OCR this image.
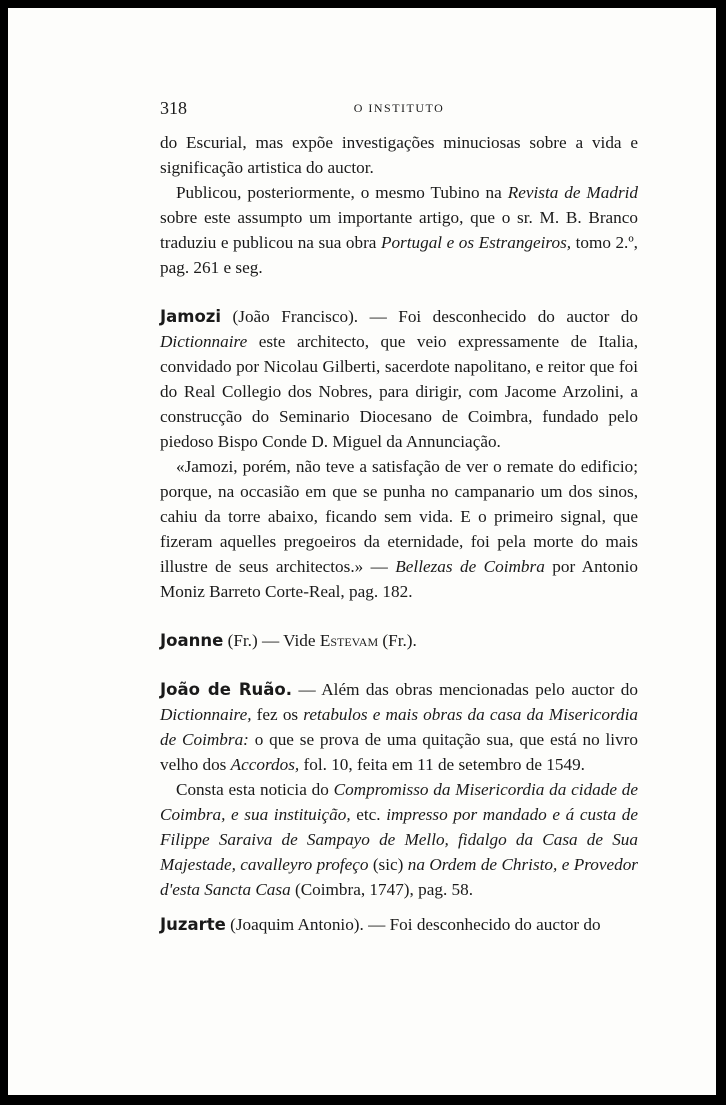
318	O INSTITUTO

do Escurial, mas expõe investigações minuciosas sobre a vida e significação artistica do auctor.

Publicou, posteriormente, o mesmo Tubino na Revista de Madrid sobre este assumpto um importante artigo, que o sr. M. B. Branco traduziu e publicou na sua obra Portugal e os Estrangeiros, tomo 2.º, pag. 261 e seg.

Jamozi (João Francisco). — Foi desconhecido do auctor do Dictionnaire este architecto, que veio expressamente de Italia, convidado por Nicolau Gilberti, sacerdote napolitano, e reitor que foi do Real Collegio dos Nobres, para dirigir, com Jacome Arzolini, a construcção do Seminario Diocesano de Coimbra, fundado pelo piedoso Bispo Conde D. Miguel da Annunciação.

«Jamozi, porém, não teve a satisfação de ver o remate do edificio; porque, na occasião em que se punha no campanario um dos sinos, cahiu da torre abaixo, ficando sem vida. E o primeiro signal, que fizeram aquelles pregoeiros da eternidade, foi pela morte do mais illustre de seus architectos.» — Bellezas de Coimbra por Antonio Moniz Barreto Corte-Real, pag. 182.

Joanne (Fr.) — Vide Estevam (Fr.).

João de Ruão. — Além das obras mencionadas pelo auctor do Dictionnaire, fez os retabulos e mais obras da casa da Misericordia de Coimbra: o que se prova de uma quitação sua, que está no livro velho dos Accordos, fol. 10, feita em 11 de setembro de 1549.

Consta esta noticia do Compromisso da Misericordia da cidade de Coimbra, e sua instituição, etc. impresso por mandado e á custa de Filippe Saraiva de Sampayo de Mello, fidalgo da Casa de Sua Majestade, cavalleyro profeço (sic) na Ordem de Christo, e Provedor d'esta Sancta Casa (Coimbra, 1747), pag. 58.

Juzarte (Joaquim Antonio). — Foi desconhecido do auctor do
